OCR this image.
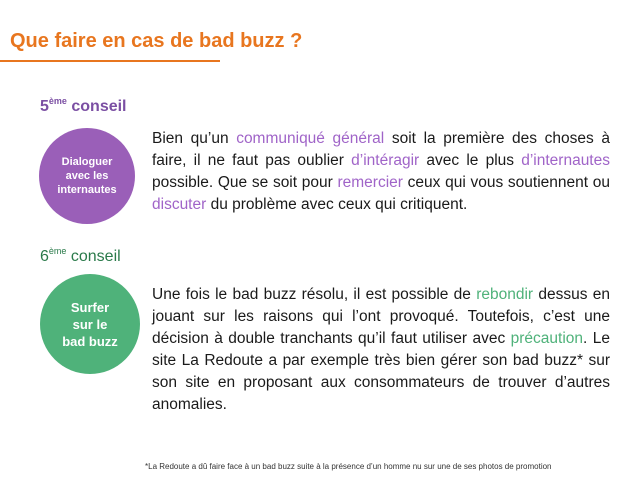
Que faire en cas de bad buzz ?
5ème conseil
Dialoguer
avec les
internautes
Bien qu’un communiqué général soit la première des choses à faire, il ne faut pas oublier d’intéragir avec le plus d’internautes possible. Que se soit pour remercier ceux qui vous soutiennent ou discuter du problème avec ceux qui critiquent.
6ème conseil
Surfer
sur le
bad buzz
Une fois le bad buzz résolu, il est possible de rebondir dessus en jouant sur les raisons qui l’ont provoqué. Toutefois, c’est une décision à double tranchants qu’il faut utiliser avec précaution. Le site La Redoute a par exemple très bien gérer son bad buzz* sur son site en proposant aux consommateurs de trouver d’autres anomalies.
*La Redoute a dû faire face à un bad buzz suite à la présence d’un homme nu sur une de ses photos de promotion
